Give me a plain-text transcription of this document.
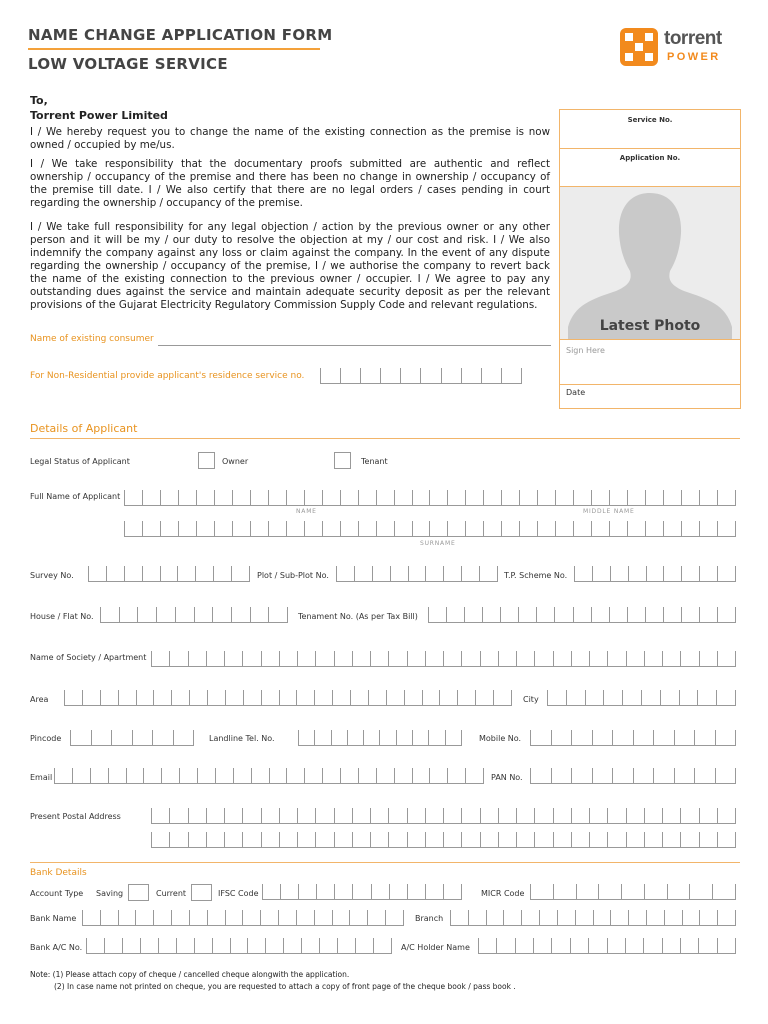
NAME CHANGE APPLICATION FORM
LOW VOLTAGE SERVICE
torrent
POWER
To,
Torrent Power Limited
I / We hereby request you to change the name of the existing connection as the premise is now owned / occupied by me/us.
I / We take responsibility that the documentary proofs submitted are authentic and reflect ownership / occupancy of the premise and there has been no change in ownership / occupancy of the premise till date. I / We also certify that there are no legal orders / cases pending in court regarding the ownership / occupancy of the premise.
I / We take full responsibility for any legal objection / action by the previous owner or any other person and it will be my / our duty to resolve the objection at my / our cost and risk. I / We also indemnify the company against any loss or claim against the company. In the event of any dispute regarding the ownership / occupancy of the premise, I / we authorise the company to revert back the name of the existing connection to the previous owner / occupier. I / We agree to pay any outstanding dues against the service and maintain adequate security deposit as per the relevant provisions of the Gujarat Electricity Regulatory Commission Supply Code and relevant regulations.
Name of existing consumer
For Non-Residential provide applicant's residence service no.
Service No.
Application No.
Latest Photo
Sign Here
Date
Details of Applicant
Legal Status of Applicant	Owner	Tenant
Full Name of Applicant
NAME	MIDDLE NAME
SURNAME
Survey No.	Plot / Sub-Plot No.	T.P. Scheme No.
House / Flat No.	Tenament No. (As per Tax Bill)
Name of Society / Apartment
Area	City
Pincode	Landline Tel. No.	Mobile No.
Email	PAN No.
Present Postal Address
Bank Details
Account Type Saving	Current	IFSC Code	MICR Code
Bank Name	Branch
Bank A/C No.	A/C Holder Name
Note: (1) Please attach copy of cheque / cancelled cheque alongwith the application.
(2) In case name not printed on cheque, you are requested to attach a copy of front page of the cheque book / pass book .
